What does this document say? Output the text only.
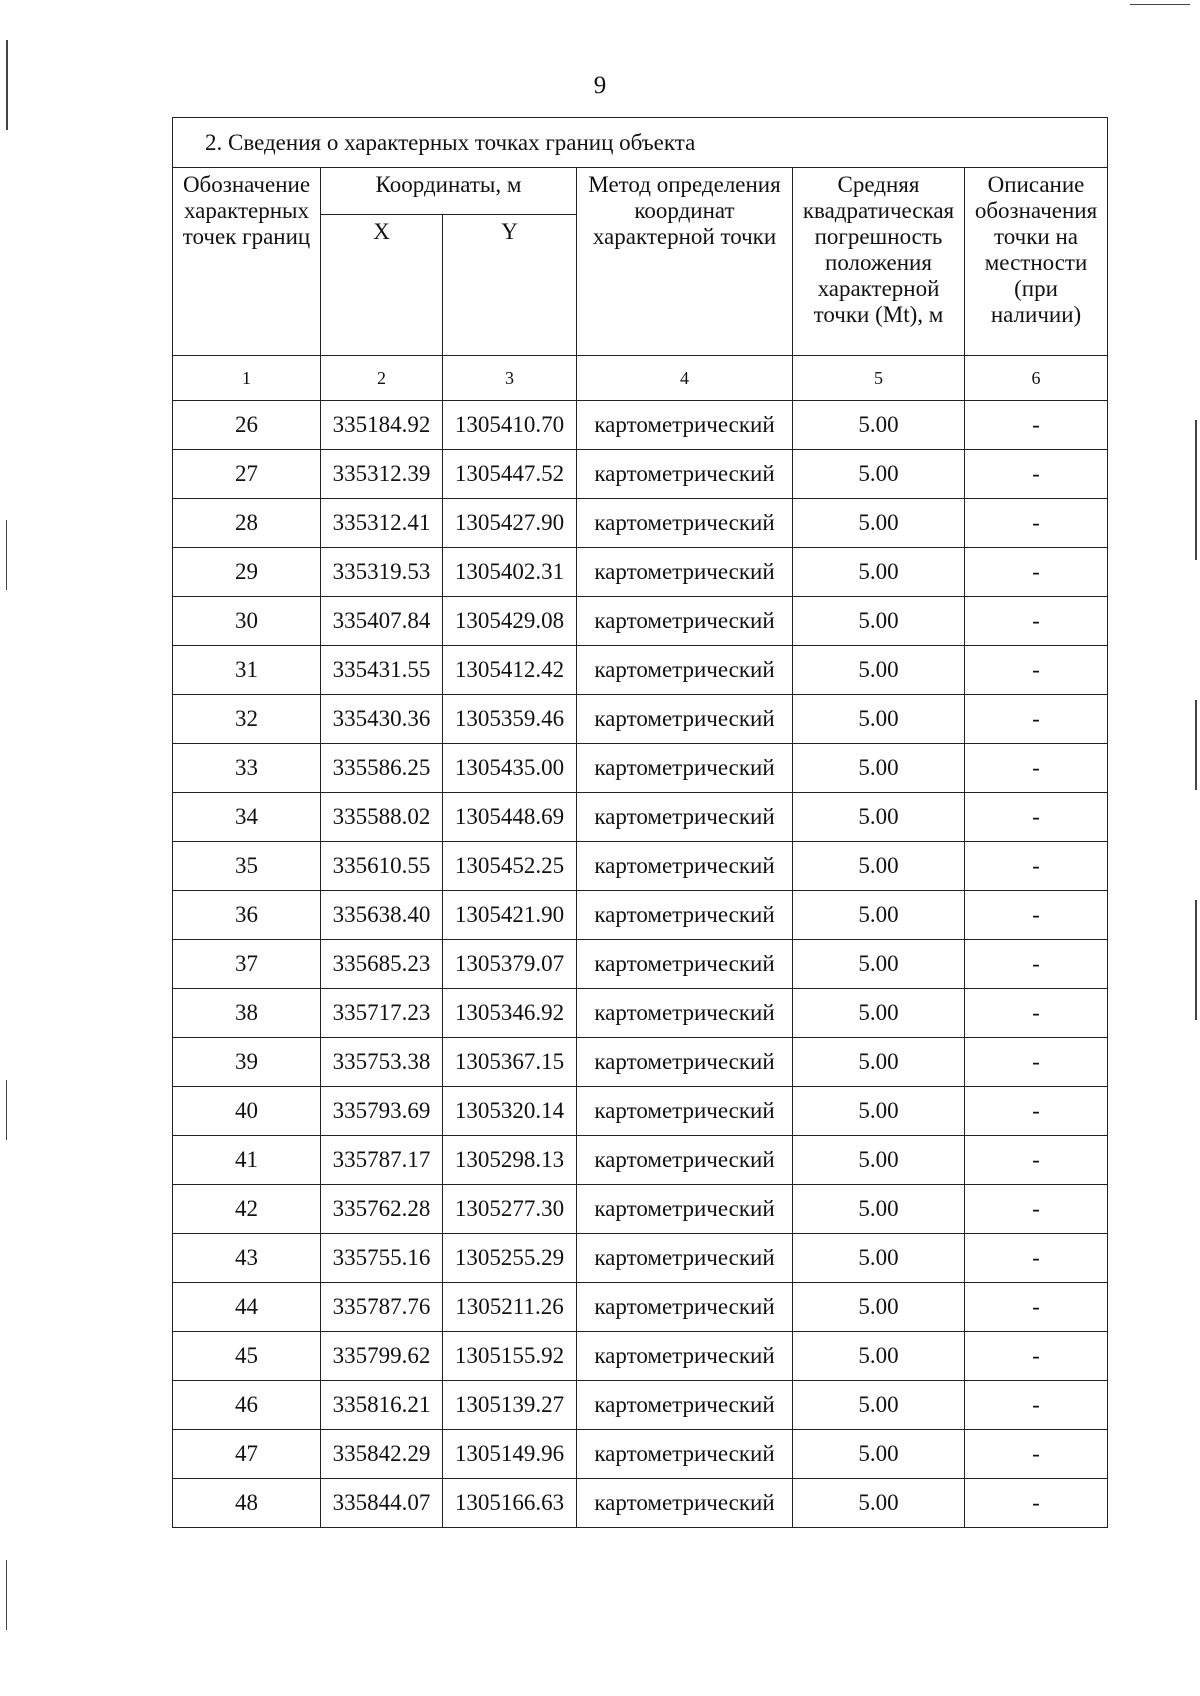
9
2. Сведения о характерных точках границ объекта					
Обозначение характерных точек границ	Координаты, м		Метод определения координат характерной точки	Средняя квадратическая погрешность положения характерной точки (Mt), м	Описание обозначения точки на местности (при наличии)
	X	Y			
1	2	3	4	5	6
26	335184.92	1305410.70	картометрический	5.00	-
27	335312.39	1305447.52	картометрический	5.00	-
28	335312.41	1305427.90	картометрический	5.00	-
29	335319.53	1305402.31	картометрический	5.00	-
30	335407.84	1305429.08	картометрический	5.00	-
31	335431.55	1305412.42	картометрический	5.00	-
32	335430.36	1305359.46	картометрический	5.00	-
33	335586.25	1305435.00	картометрический	5.00	-
34	335588.02	1305448.69	картометрический	5.00	-
35	335610.55	1305452.25	картометрический	5.00	-
36	335638.40	1305421.90	картометрический	5.00	-
37	335685.23	1305379.07	картометрический	5.00	-
38	335717.23	1305346.92	картометрический	5.00	-
39	335753.38	1305367.15	картометрический	5.00	-
40	335793.69	1305320.14	картометрический	5.00	-
41	335787.17	1305298.13	картометрический	5.00	-
42	335762.28	1305277.30	картометрический	5.00	-
43	335755.16	1305255.29	картометрический	5.00	-
44	335787.76	1305211.26	картометрический	5.00	-
45	335799.62	1305155.92	картометрический	5.00	-
46	335816.21	1305139.27	картометрический	5.00	-
47	335842.29	1305149.96	картометрический	5.00	-
48	335844.07	1305166.63	картометрический	5.00	-
